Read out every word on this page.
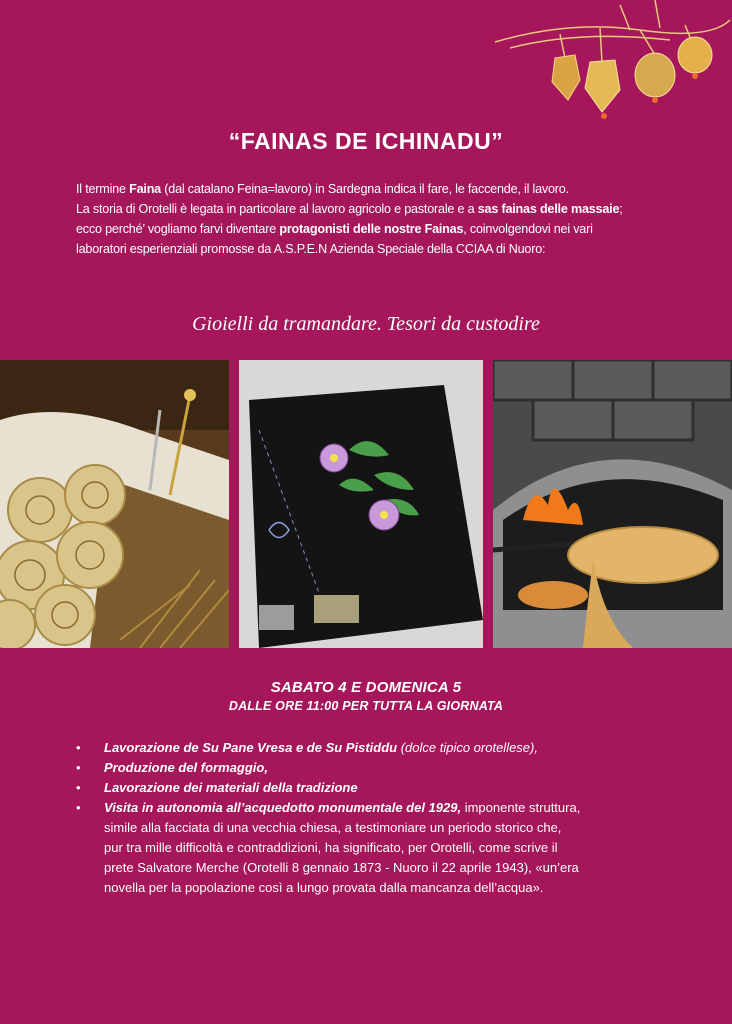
“FAINAS DE ICHINADU”

Il termine Faina (dal catalano Feina=lavoro) in Sardegna indica il fare, le faccende, il lavoro.

La storia di Orotelli è legata in particolare al lavoro agricolo e pastorale e a sas fainas delle massaie;

ecco perché’ vogliamo farvi diventare protagonisti delle nostre Fainas, coinvolgendovi nei vari

laboratori esperienziali promosse da A.S.P.E.N Azienda Speciale della CCIAA di Nuoro:

Gioielli da tramandare. Tesori da custodire
SABATO 4 E DOMENICA 5
DALLE ORE 11:00 PER TUTTA LA GIORNATA
• Lavorazione de Su Pane Vresa e de Su Pistiddu (dolce tipico orotellese),
• Produzione del formaggio,
• Lavorazione dei materiali della tradizione
• Visita in autonomia all’acquedotto monumentale del 1929, imponente struttura,
simile alla facciata di una vecchia chiesa, a testimoniare un periodo storico che,
pur tra mille difficoltà e contraddizioni, ha significato, per Orotelli, come scrive il
prete Salvatore Merche (Orotelli 8 gennaio 1873 - Nuoro il 22 aprile 1943), «un’era
novella per la popolazione così a lungo provata dalla mancanza dell’acqua».
